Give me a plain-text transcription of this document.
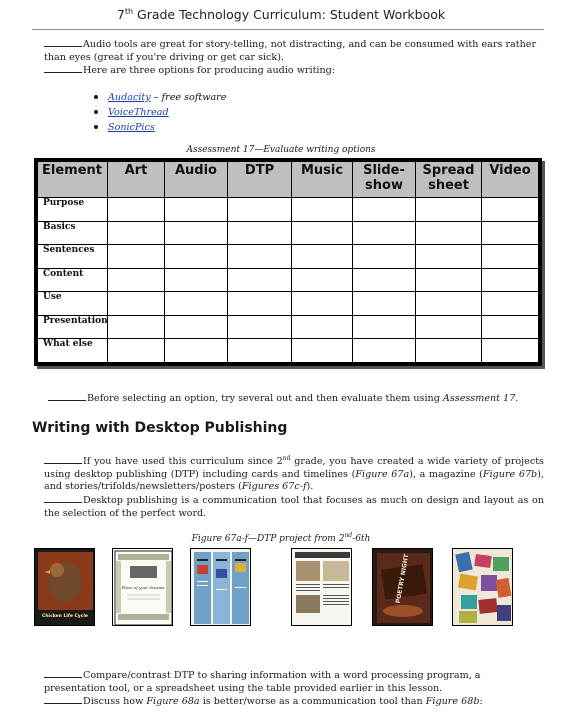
7th Grade Technology Curriculum: Student Workbook
Audio tools are great for story-telling, not distracting, and can be consumed with ears rather than eyes (great if you're driving or get car sick).
Here are three options for producing audio writing:
Audacity – free software
VoiceThread
SonicPics
Assessment 17—Evaluate writing options
Element	Art	Audio	DTP	Music	Slide-show	Spread sheet	Video
Purpose							
Basics							
Sentences							
Content							
Use							
Presentation							
What else							
Before selecting an option, try several out and then evaluate them using Assessment 17.
Writing with Desktop Publishing
If you have used this curriculum since 2nd grade, you have created a wide variety of projects using desktop publishing (DTP) including cards and timelines (Figure 67a), a magazine (Figure 67b), and stories/trifolds/newsletters/posters (Figures 67c-f).
Desktop publishing is a communication tool that focuses as much on design and layout as on the selection of the perfect word.
Figure 67a-f—DTP project from 2nd-6th
Chicken Life Cycle
Place of your dreams	POETRY NIGHT
Compare/contrast DTP to sharing information with a word processing program, a presentation tool, or a spreadsheet using the table provided earlier in this lesson.
Discuss how Figure 68a is better/worse as a communication tool than Figure 68b:
